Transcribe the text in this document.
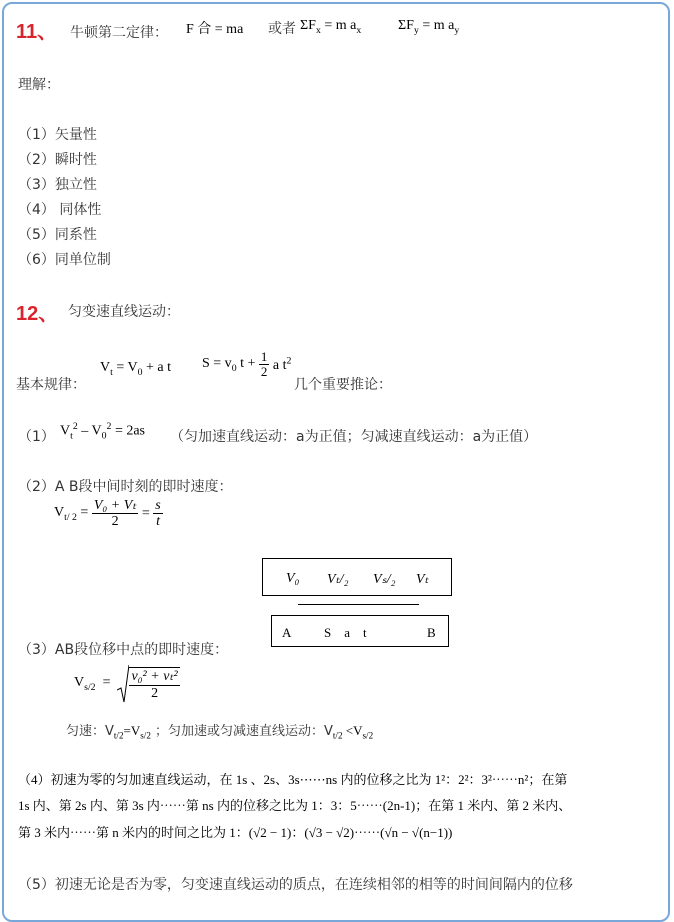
11、 牛顿第二定律： F 合 = ma 或者 $\Sigma F_x = m$ $a_x$	$\Sigma F_y = m$ $a_y$
理解：
（1）矢量性
（2）瞬时性
（3）独立性
（4） 同体性
（5）同系性
（6）同单位制
12、 匀变速直线运动：
基本规律：
$V_t = V_0 + a$ t $S = v_0$ $t + \frac{1}{2}$ a $t^2$
几个重要推论：
（1） $V_t^2 - V_0^2 = 2as$ （匀加速直线运动：a为正值；匀减速直线运动：a为正值）
（2）A B段中间时刻的即时速度：
$V_{t/ 2} = \frac{\text{V₀ + Vₜ}}{2} = \frac{s}{t}$
V₀ Vₜ/₂ Vₛ/₂ Vₜ
A	S    a    t	B
（3）AB段位移中点的即时速度：
$V_{s/2} = \frac{\text{v₀² + vₜ²}}{2}$
匀速：$V_{t/2}=V_{s/2}$ ；匀加速或匀减速直线运动：$V_{t/2} <V_{s/2}$
（4）初速为零的匀加速直线运动，在 1s 、2s、3s⋯⋯ns 内的位移之比为 1²：2²：3²⋯⋯n²；在第
1s 内、第 2s 内、第 3s 内⋯⋯第 ns 内的位移之比为 1：3：5⋯⋯(2n-1)；在第 1 米内、第 2 米内、
第 3 米内⋯⋯第 n 米内的时间之比为 1：(√2 − 1)：(√3 − √2)⋯⋯(√n − √(n−1))
（5）初速无论是否为零，匀变速直线运动的质点，在连续相邻的相等的时间间隔内的位移
